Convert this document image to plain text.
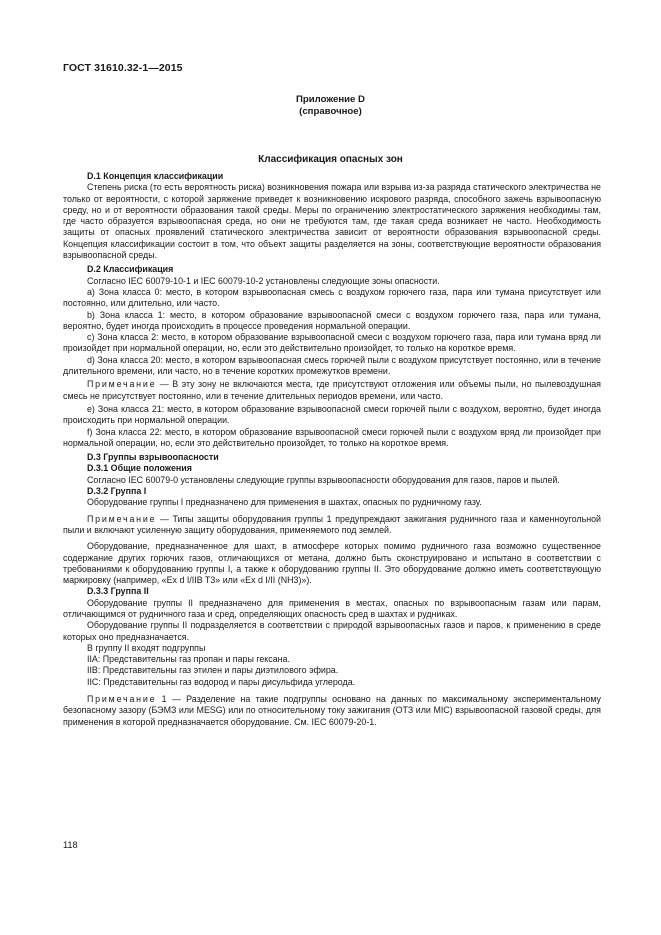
ГОСТ 31610.32-1—2015
Приложение D
(справочное)
Классификация опасных зон
D.1 Концепция классификации
Степень риска (то есть вероятность риска) возникновения пожара или взрыва из-за разряда статического электричества не только от вероятности, с которой заряжение приведет к возникновению искрового разряда, способного зажечь взрывоопасную среду, но и от вероятности образования такой среды. Меры по ограничению электростатического заряжения необходимы там, где часто образуется взрывоопасная среда, но они не требуются там, где такая среда возникает не часто. Необходимость защиты от опасных проявлений статического электричества зависит от вероятности образования взрывоопасной среды. Концепция классификации состоит в том, что объект защиты разделяется на зоны, соответствующие вероятности образования взрывоопасной среды.
D.2 Классификация
Согласно IEC 60079-10-1 и IEC 60079-10-2 установлены следующие зоны опасности.
a) Зона класса 0: место, в котором взрывоопасная смесь с воздухом горючего газа, пара или тумана присутствует или постоянно, или длительно, или часто.
b) Зона класса 1: место, в котором образование взрывоопасной смеси с воздухом горючего газа, пара или тумана, вероятно, будет иногда происходить в процессе проведения нормальной операции.
c) Зона класса 2: место, в котором образование взрывоопасной смеси с воздухом горючего газа, пара или тумана вряд ли произойдет при нормальной операции, но, если это действительно произойдет, то только на короткое время.
d) Зона класса 20: место, в котором взрывоопасная смесь горючей пыли с воздухом присутствует постоянно, или в течение длительного времени, или часто, но в течение коротких промежутков времени.
Примечание — В эту зону не включаются места, где присутствуют отложения или объемы пыли, но пылевоздушная смесь не присутствует постоянно, или в течение длительных периодов времени, или часто.
e) Зона класса 21: место, в котором образование взрывоопасной смеси горючей пыли с воздухом, вероятно, будет иногда происходить при нормальной операции.
f) Зона класса 22: место, в котором образование взрывоопасной смеси горючей пыли с воздухом вряд ли произойдет при нормальной операции, но, если это действительно произойдет, то только на короткое время.
D.3 Группы взрывоопасности
D.3.1 Общие положения
Согласно IEC 60079-0 установлены следующие группы взрывоопасности оборудования для газов, паров и пылей.
D.3.2 Группа I
Оборудование группы I предназначено для применения в шахтах, опасных по рудничному газу.
Примечание — Типы защиты оборудования группы 1 предупреждают зажигания рудничного газа и каменноугольной пыли и включают усиленную защиту оборудования, применяемого под землей.
Оборудование, предназначенное для шахт, в атмосфере которых помимо рудничного газа возможно существенное содержание других горючих газов, отличающихся от метана, должно быть сконструировано и испытано в соответствии с требованиями к оборудованию группы I, а также к оборудованию группы II. Это оборудование должно иметь соответствующую маркировку (например, «Ex d I/IIB T3» или «Ex d I/II (NH3)»).
D.3.3 Группа II
Оборудование группы II предназначено для применения в местах, опасных по взрывоопасным газам или парам, отличающимся от рудничного газа и сред, определяющих опасность сред в шахтах и рудниках.
Оборудование группы II подразделяется в соответствии с природой взрывоопасных газов и паров, к применению в среде которых оно предназначается.
В группу II входят подгруппы
IIA: Представительны газ пропан и пары гексана.
IIB: Представительны газ этилен и пары диэтилового эфира.
IIC: Представительны газ водород и пары дисульфида углерода.
Примечание 1 — Разделение на такие подгруппы основано на данных по максимальному экспериментальному безопасному зазору (БЭМЗ или MESG) или по относительному току зажигания (ОТЗ или MIC) взрывоопасной газовой среды, для применения в которой предназначается оборудование. См. IEC 60079-20-1.
118
